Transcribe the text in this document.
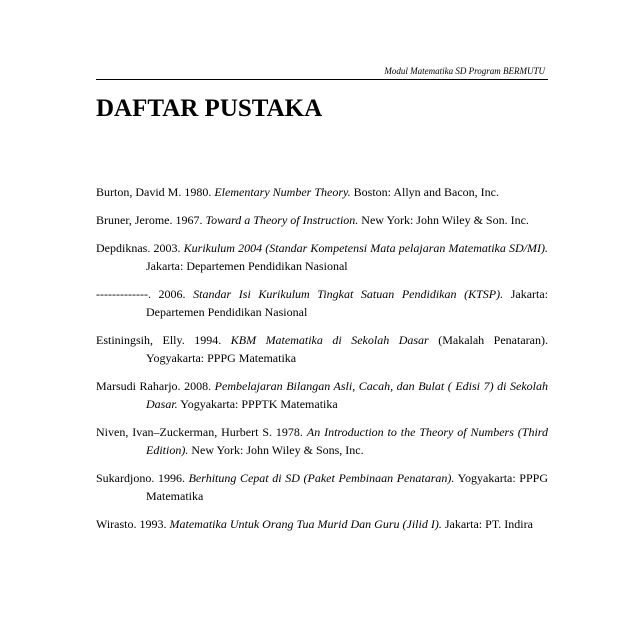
Modul Matematika SD Program BERMUTU
DAFTAR PUSTAKA

Burton, David M. 1980. Elementary Number Theory. Boston: Allyn and Bacon, Inc.

Bruner, Jerome. 1967. Toward a Theory of Instruction. New York: John Wiley & Son. Inc.

Depdiknas. 2003. Kurikulum 2004 (Standar Kompetensi Mata pelajaran Matematika SD/MI). Jakarta: Departemen Pendidikan Nasional

-------------. 2006. Standar Isi Kurikulum Tingkat Satuan Pendidikan (KTSP). Jakarta: Departemen Pendidikan Nasional

Estiningsih, Elly. 1994. KBM Matematika di Sekolah Dasar (Makalah Penataran). Yogyakarta: PPPG Matematika

Marsudi Raharjo. 2008. Pembelajaran Bilangan Asli, Cacah, dan Bulat ( Edisi 7) di Sekolah Dasar. Yogyakarta: PPPTK Matematika

Niven, Ivan–Zuckerman, Hurbert S. 1978. An Introduction to the Theory of Numbers (Third Edition). New York: John Wiley & Sons, Inc.

Sukardjono. 1996. Berhitung Cepat di SD (Paket Pembinaan Penataran). Yogyakarta: PPPG Matematika

Wirasto. 1993. Matematika Untuk Orang Tua Murid Dan Guru (Jilid I). Jakarta: PT. Indira
